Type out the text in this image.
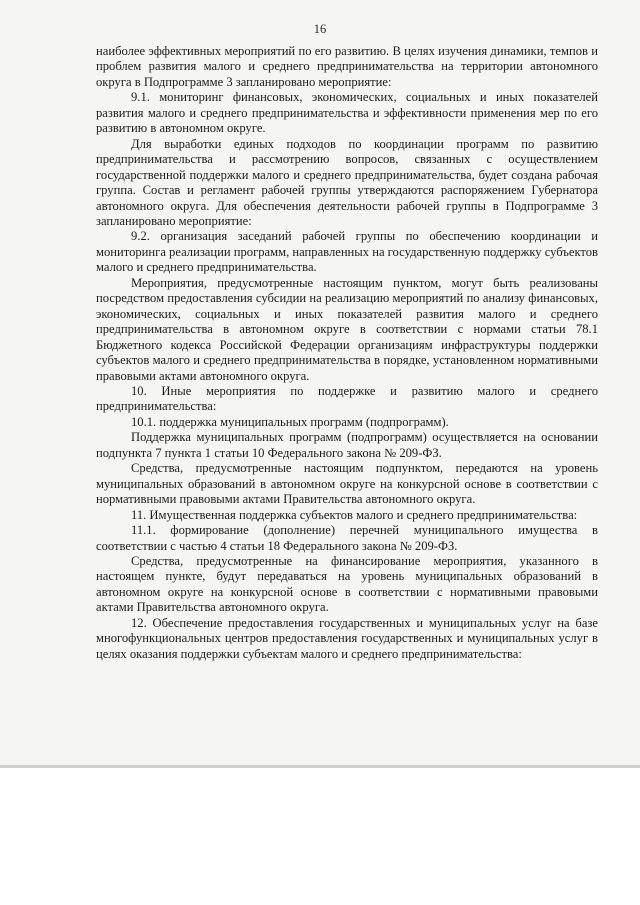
16

наиболее эффективных мероприятий по его развитию. В целях изучения динамики, темпов и проблем развития малого и среднего предпринимательства на территории автономного округа в Подпрограмме 3 запланировано мероприятие:

9.1. мониторинг финансовых, экономических, социальных и иных показателей развития малого и среднего предпринимательства и эффективности применения мер по его развитию в автономном округе.

Для выработки единых подходов по координации программ по развитию предпринимательства и рассмотрению вопросов, связанных с осуществлением государственной поддержки малого и среднего предпринимательства, будет создана рабочая группа. Состав и регламент рабочей группы утверждаются распоряжением Губернатора автономного округа. Для обеспечения деятельности рабочей группы в Подпрограмме 3 запланировано мероприятие:

9.2. организация заседаний рабочей группы по обеспечению координации и мониторинга реализации программ, направленных на государственную поддержку субъектов малого и среднего предпринимательства.

Мероприятия, предусмотренные настоящим пунктом, могут быть реализованы посредством предоставления субсидии на реализацию мероприятий по анализу финансовых, экономических, социальных и иных показателей развития малого и среднего предпринимательства в автономном округе в соответствии с нормами статьи 78.1 Бюджетного кодекса Российской Федерации организациям инфраструктуры поддержки субъектов малого и среднего предпринимательства в порядке, установленном нормативными правовыми актами автономного округа.

10. Иные мероприятия по поддержке и развитию малого и среднего предпринимательства:

10.1. поддержка муниципальных программ (подпрограмм).

Поддержка муниципальных программ (подпрограмм) осуществляется на основании подпункта 7 пункта 1 статьи 10 Федерального закона № 209-ФЗ.

Средства, предусмотренные настоящим подпунктом, передаются на уровень муниципальных образований в автономном округе на конкурсной основе в соответствии с нормативными правовыми актами Правительства автономного округа.

11. Имущественная поддержка субъектов малого и среднего предпринимательства:

11.1. формирование (дополнение) перечней муниципального имущества в соответствии с частью 4 статьи 18 Федерального закона № 209-ФЗ.

Средства, предусмотренные на финансирование мероприятия, указанного в настоящем пункте, будут передаваться на уровень муниципальных образований в автономном округе на конкурсной основе в соответствии с нормативными правовыми актами Правительства автономного округа.

12. Обеспечение предоставления государственных и муниципальных услуг на базе многофункциональных центров предоставления государственных и муниципальных услуг в целях оказания поддержки субъектам малого и среднего предпринимательства:
